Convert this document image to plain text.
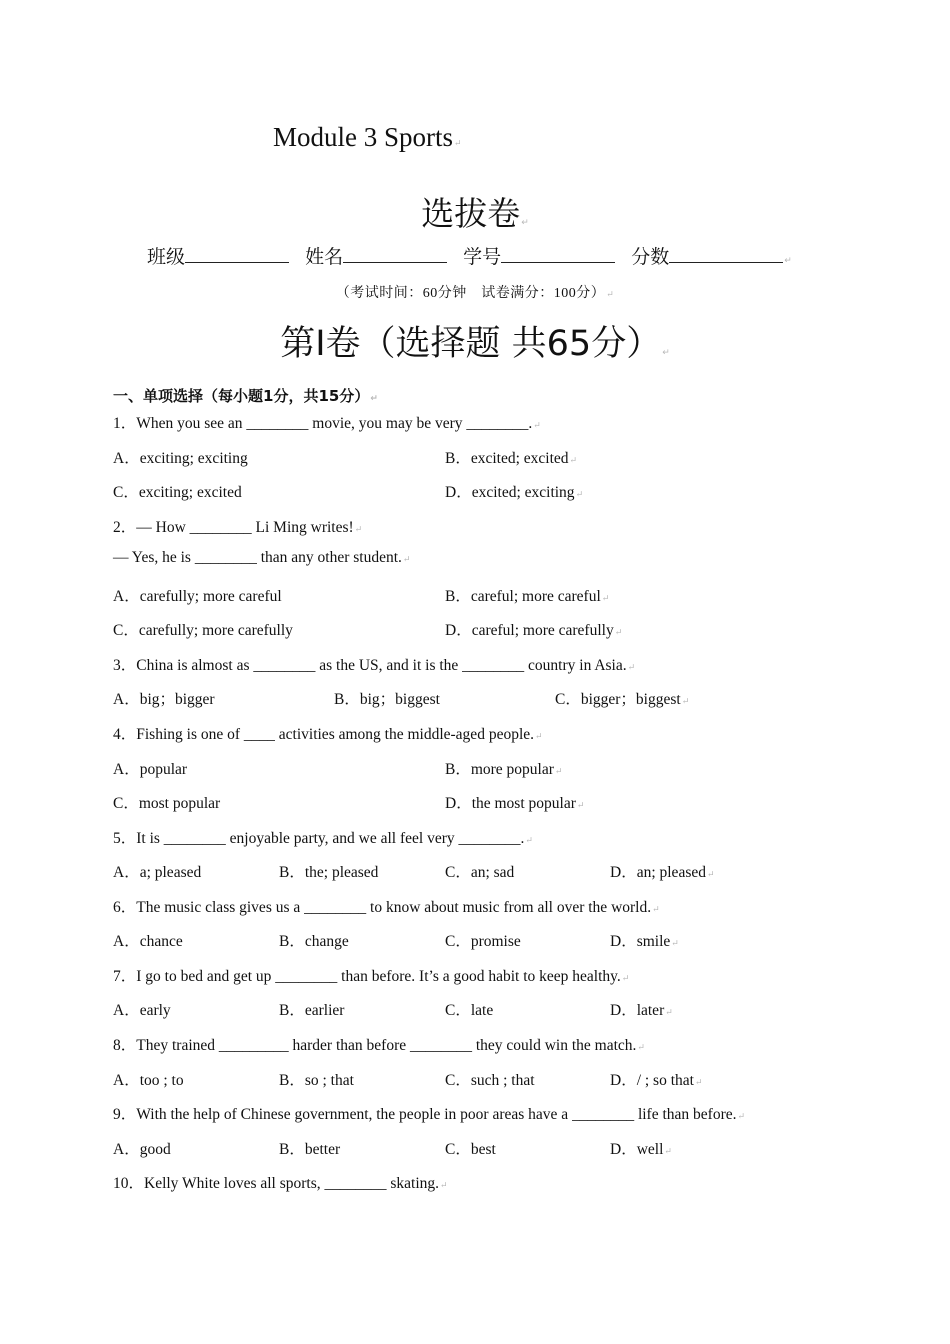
Module 3 Sports↵
选拔卷↵
班级	姓名	学号	分数	↵
（考试时间：60分钟　试卷满分：100分）↵
第I卷（选择题 共65分）↵
一、单项选择（每小题1分，共15分）↵
1．When you see an ________ movie, you may be very ________.↵
A．exciting; exciting	B．excited; excited↵
C．exciting; excited	D．excited; exciting↵
2．— How ________ Li Ming writes!↵
— Yes, he is ________ than any other student.↵
A．carefully; more careful	B．careful; more careful↵
C．carefully; more carefully	D．careful; more carefully↵
3．China is almost as ________ as the US, and it is the ________ country in Asia.↵
A．big；bigger	B．big；biggest	C．bigger；biggest↵
4．Fishing is one of ____ activities among the middle-aged people.↵
A．popular	B．more popular↵
C．most popular	D．the most popular↵
5．It is ________ enjoyable party, and we all feel very ________.↵
A．a; pleased	B．the; pleased	C．an; sad	D．an; pleased↵
6．The music class gives us a ________ to know about music from all over the world.↵
A．chance	B．change	C．promise	D．smile↵
7．I go to bed and get up ________ than before. It’s a good habit to keep healthy.↵
A．early	B．earlier	C．late	D．later↵
8．They trained _________ harder than before ________ they could win the match.↵
A．too ; to	B．so ; that	C．such ; that	D．/ ; so that↵
9．With the help of Chinese government, the people in poor areas have a ________ life than before.↵
A．good	B．better	C．best	D．well↵
10．Kelly White loves all sports, ________ skating.↵
